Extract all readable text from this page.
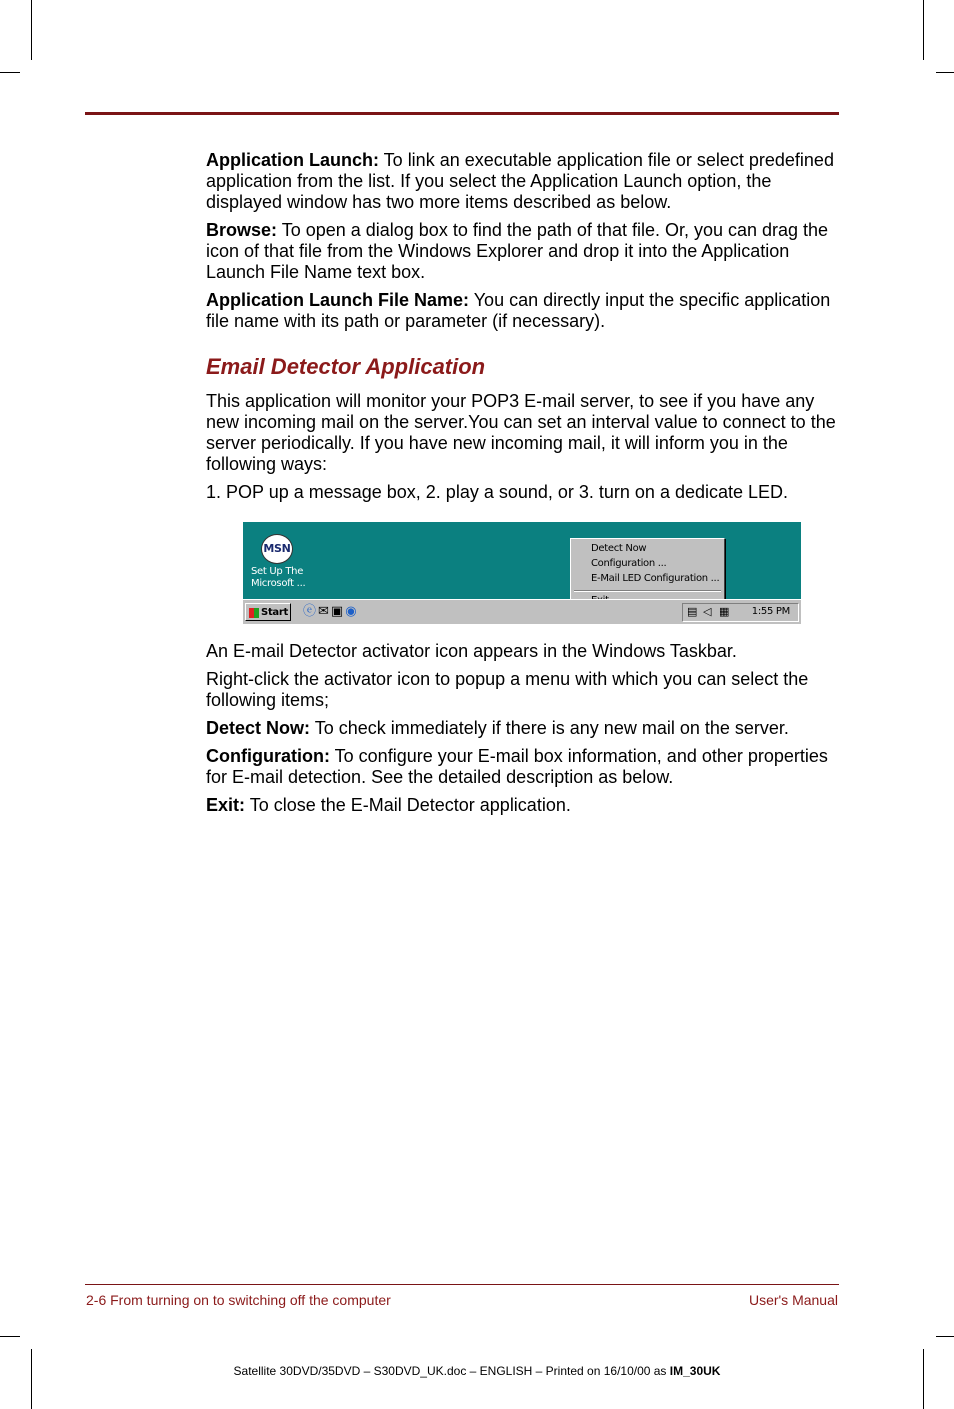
Application Launch: To link an executable application file or select predefined application from the list. If you select the Application Launch option, the displayed window has two more items described as below.

Browse: To open a dialog box to find the path of that file. Or, you can drag the icon of that file from the Windows Explorer and drop it into the Application Launch File Name text box.

Application Launch File Name: You can directly input the specific application file name with its path or parameter (if necessary).

Email Detector Application

This application will monitor your POP3 E-mail server, to see if you have any new incoming mail on the server.You can set an interval value to connect to the server periodically. If you have new incoming mail, it will inform you in the following ways:

1. POP up a message box, 2. play a sound, or 3. turn on a dedicate LED.

MSN
Set Up The
Microsoft ...
Detect Now
Configuration ...
E-Mail LED Configuration ...
Start ⓔ✉▣◉	▤ ◁ ▦ 1:55 PM

An E-mail Detector activator icon appears in the Windows Taskbar.

Right-click the activator icon to popup a menu with which you can select the following items;

Detect Now: To check immediately if there is any new mail on the server.

Configuration: To configure your E-mail box information, and other properties for E-mail detection. See the detailed description as below.

Exit: To close the E-Mail Detector application.

2-6 From turning on to switching off the computer	User's Manual
Satellite 30DVD/35DVD – S30DVD_UK.doc – ENGLISH – Printed on 16/10/00 as IM_30UK
